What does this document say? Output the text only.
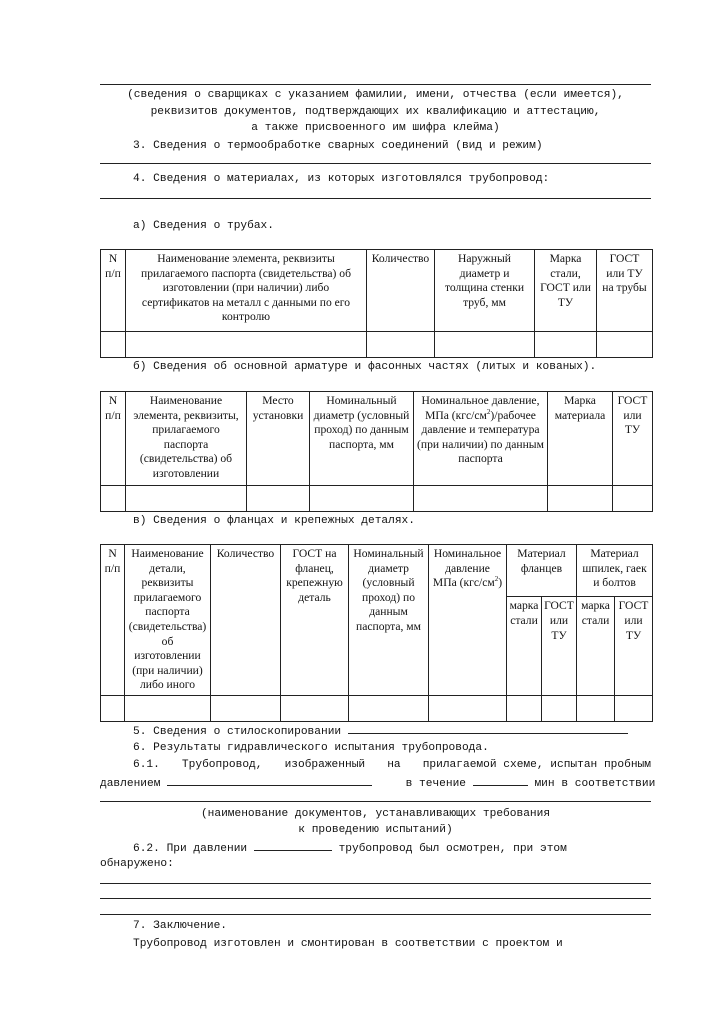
(сведения о сварщиках с указанием фамилии, имени, отчества (если имеется),
реквизитов документов, подтверждающих их квалификацию и аттестацию,
а также присвоенного им шифра клейма)
3. Сведения о термообработке сварных соединений (вид и режим)
4. Сведения о материалах, из которых изготовлялся трубопровод:
а) Сведения о трубах.
N п/п	Наименование элемента, реквизиты прилагаемого паспорта (свидетельства) об изготовлении (при наличии) либо сертификатов на металл с данными по его контролю	Количество	Наружный диаметр и толщина стенки труб, мм	Марка стали, ГОСТ или ТУ	ГОСТ или ТУ на трубы

б) Сведения об основной арматуре и фасонных частях (литых и кованых).
N п/п	Наименование элемента, реквизиты, прилагаемого паспорта (свидетельства) об изготовлении	Место установки	Номинальный диаметр (условный проход) по данным паспорта, мм	Номинальное давление, МПа $(кгс/см^2)$/рабочее давление и температура (при наличии) по данным паспорта	Марка материала	ГОСТ или ТУ

в) Сведения о фланцах и крепежных деталях.
N п/п	Наименование детали, реквизиты прилагаемого паспорта (свидетельства) об изготовлении (при наличии) либо иного	Количество	ГОСТ на фланец, крепежную деталь	Номинальный диаметр (условный проход) по данным паспорта, мм	Номинальное давление МПа $(кгс/см^2)$	Материал фланцев		Материал шпилек, гаек и болтов	
						марка стали	ГОСТ или ТУ	марка стали	ГОСТ или ТУ

5. Сведения о стилоскопировании
6. Результаты гидравлического испытания трубопровода.
6.1. Трубопровод, изображенный на прилагаемой схеме, испытан пробным
давлением	в течение	мин в соответствии
(наименование документов, устанавливающих требования
к проведению испытаний)
6.2. При давлении	трубопровод был осмотрен, при этом
обнаружено:
7. Заключение.
Трубопровод изготовлен и смонтирован в соответствии с проектом и
